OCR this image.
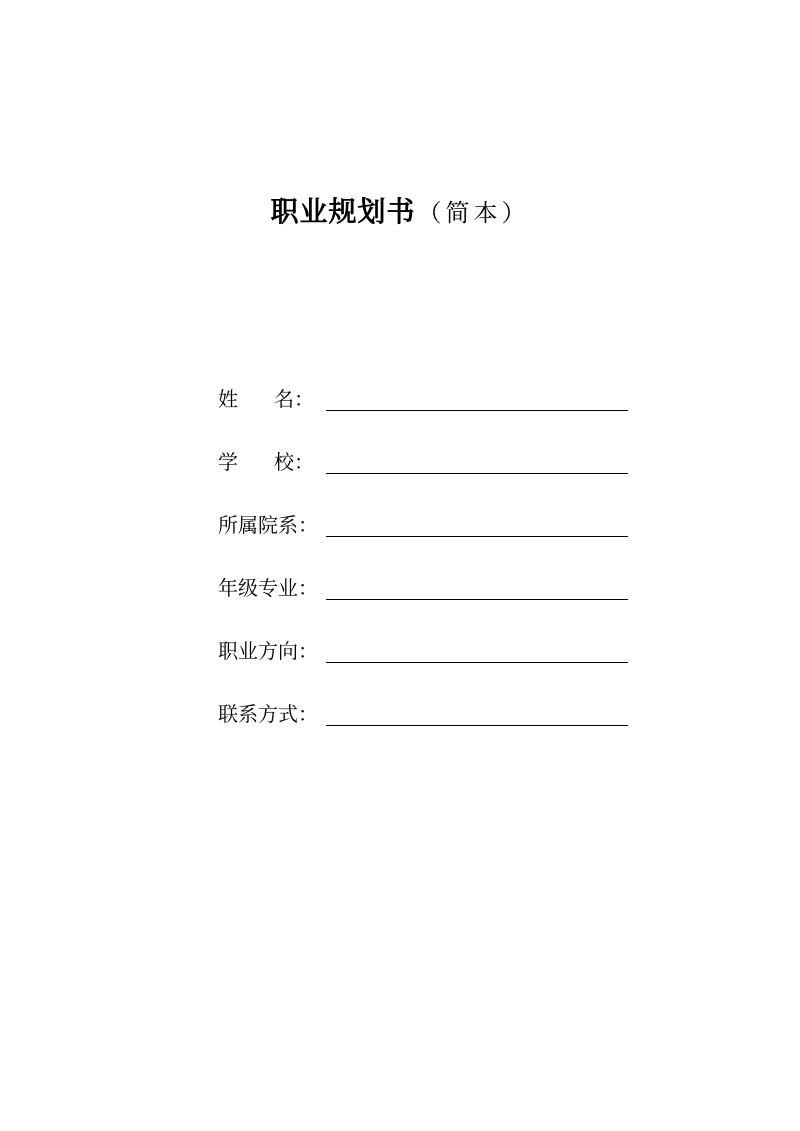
职业规划书（简本）
姓 名：
学 校：
所属院系：
年级专业：
职业方向：
联系方式：
